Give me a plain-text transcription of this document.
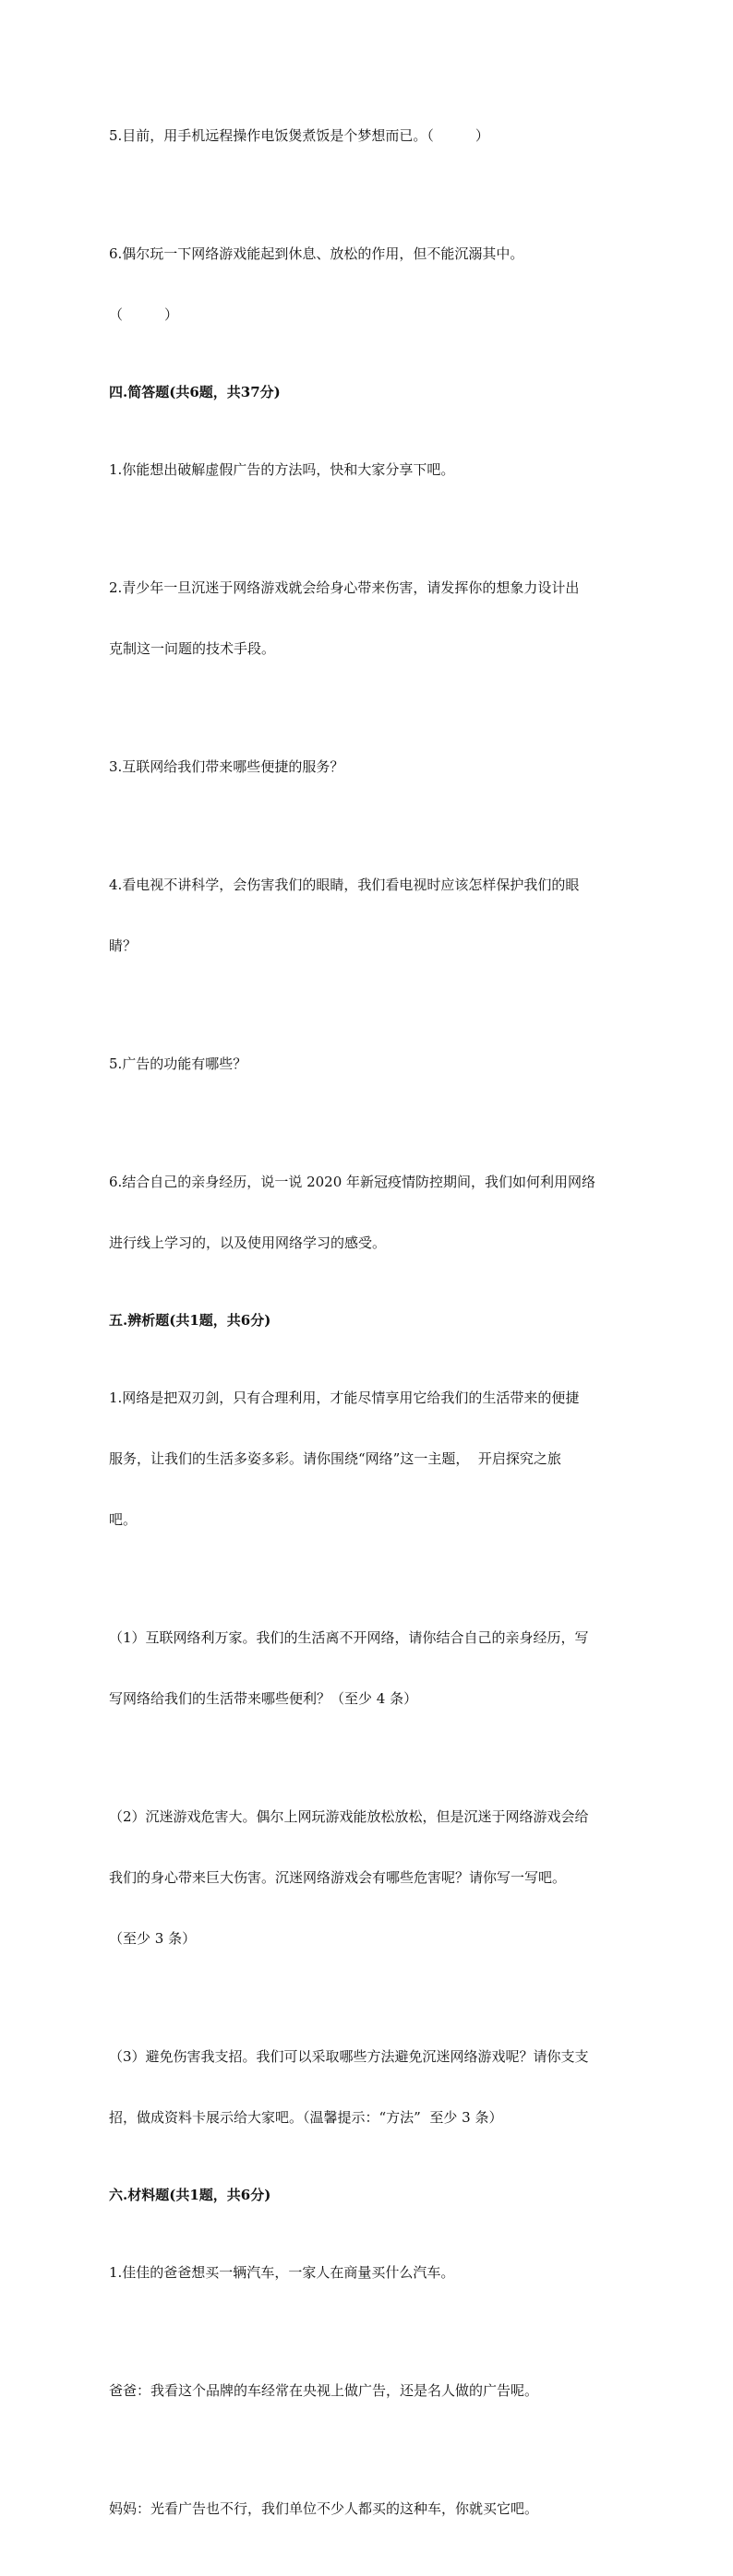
5.目前，用手机远程操作电饭煲煮饭是个梦想而已。（　　　）

6.偶尔玩一下网络游戏能起到休息、放松的作用，但不能沉溺其中。

（　　　）

四.简答题(共6题，共37分)

1.你能想出破解虚假广告的方法吗，快和大家分享下吧。

2.青少年一旦沉迷于网络游戏就会给身心带来伤害，请发挥你的想象力设计出

克制这一问题的技术手段。

3.互联网给我们带来哪些便捷的服务？

4.看电视不讲科学，会伤害我们的眼睛，我们看电视时应该怎样保护我们的眼

睛？

5.广告的功能有哪些？

6.结合自己的亲身经历，说一说 2020 年新冠疫情防控期间，我们如何利用网络

进行线上学习的，以及使用网络学习的感受。

五.辨析题(共1题，共6分)

1.网络是把双刃剑，只有合理利用，才能尽情享用它给我们的生活带来的便捷

服务，让我们的生活多姿多彩。请你围绕“网络”这一主题，  开启探究之旅

吧。

（1）互联网络利万家。我们的生活离不开网络，请你结合自己的亲身经历，写

写网络给我们的生活带来哪些便利？（至少 4 条）

（2）沉迷游戏危害大。偶尔上网玩游戏能放松放松，但是沉迷于网络游戏会给

我们的身心带来巨大伤害。沉迷网络游戏会有哪些危害呢？请你写一写吧。

（至少 3 条）

（3）避免伤害我支招。我们可以采取哪些方法避免沉迷网络游戏呢？请你支支

招，做成资料卡展示给大家吧。（温馨提示：“方法”  至少 3 条）

六.材料题(共1题，共6分)

1.佳佳的爸爸想买一辆汽车，一家人在商量买什么汽车。

爸爸：我看这个品牌的车经常在央视上做广告，还是名人做的广告呢。

妈妈：光看广告也不行，我们单位不少人都买的这种车，你就买它吧。
